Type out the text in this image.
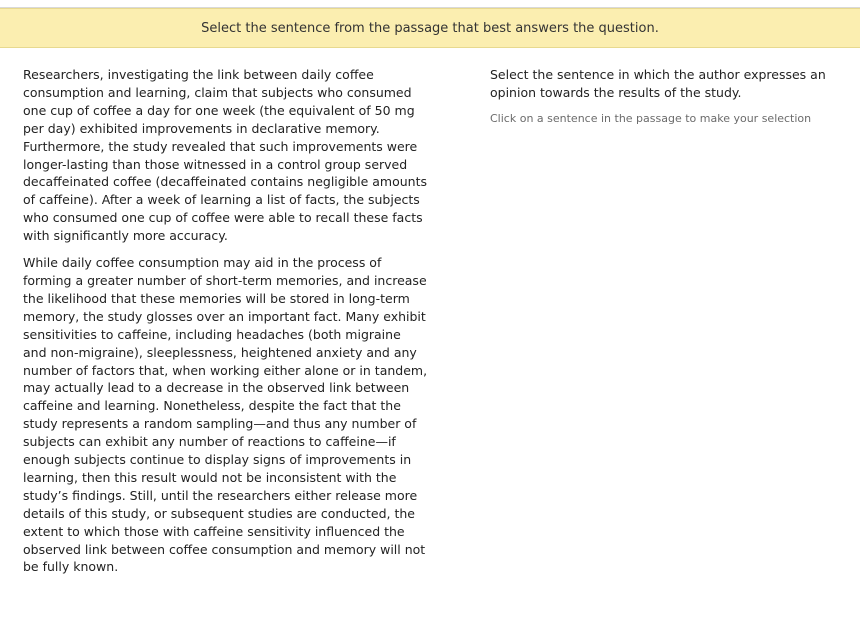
Select the sentence from the passage that best answers the question.

Researchers, investigating the link between daily coffee consumption and learning, claim that subjects who consumed one cup of coffee a day for one week (the equivalent of 50 mg per day) exhibited improvements in declarative memory. Furthermore, the study revealed that such improvements were longer-lasting than those witnessed in a control group served decaffeinated coffee (decaffeinated contains negligible amounts of caffeine). After a week of learning a list of facts, the subjects who consumed one cup of coffee were able to recall these facts with significantly more accuracy.

While daily coffee consumption may aid in the process of forming a greater number of short-term memories, and increase the likelihood that these memories will be stored in long-term memory, the study glosses over an important fact. Many exhibit sensitivities to caffeine, including headaches (both migraine and non-migraine), sleeplessness, heightened anxiety and any number of factors that, when working either alone or in tandem, may actually lead to a decrease in the observed link between caffeine and learning. Nonetheless, despite the fact that the study represents a random sampling—and thus any number of subjects can exhibit any number of reactions to caffeine—if enough subjects continue to display signs of improvements in learning, then this result would not be inconsistent with the study’s findings. Still, until the researchers either release more details of this study, or subsequent studies are conducted, the extent to which those with caffeine sensitivity influenced the observed link between coffee consumption and memory will not be fully known.

Select the sentence in which the author expresses an opinion towards the results of the study.

Click on a sentence in the passage to make your selection
